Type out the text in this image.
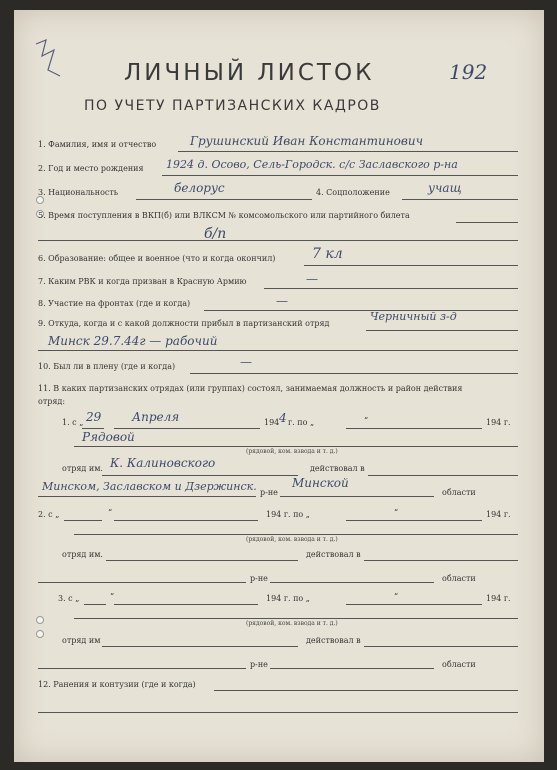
ЛИЧНЫЙ ЛИСТОК	192
ПО УЧЕТУ ПАРТИЗАНСКИХ КАДРОВ
1. Фамилия, имя и отчество	Грушинский Иван Константинович
2. Год и место рождения 1924 д. Осово, Сель-Городск. с/с Заславского р-на
3. Национальность	белорус	4. Соцположение	учащ
5. Время поступления в ВКП(б) или ВЛКСМ № комсомольского или партийного билета
б/п
6. Образование: общее и военное (что и когда окончил)	7 кл
7. Каким РВК и когда призван в Красную Армию	—
8. Участие на фронтах (где и когда)	—
9. Откуда, когда и с какой должности прибыл в партизанский отряд
Черничный з-д
Минск 29.7.44г — рабочий
10. Был ли в плену (где и когда)	—
11. В каких партизанских отрядах (или группах) состоял, занимаемая должность и район действия
отряд:
1. с „ 29	Апреля	194 4 г. по „	“	194 г.
Рядовой
(рядовой, ком. взвода и т. д.)
отряд им. К. Калиновского	действовал в
Минском, Заславском и Дзержинск. р-не
Минской
области
2. с „	“	194 г. по „	“	194 г.
(рядовой, ком. взвода и т. д.)
отряд им.	действовал в
р-не	области
3. с „	“	194 г. по „	“	194 г.
(рядовой, ком. взвода и т. д.)
отряд им	действовал в
р-не	области
12. Ранения и контузии (где и когда)
